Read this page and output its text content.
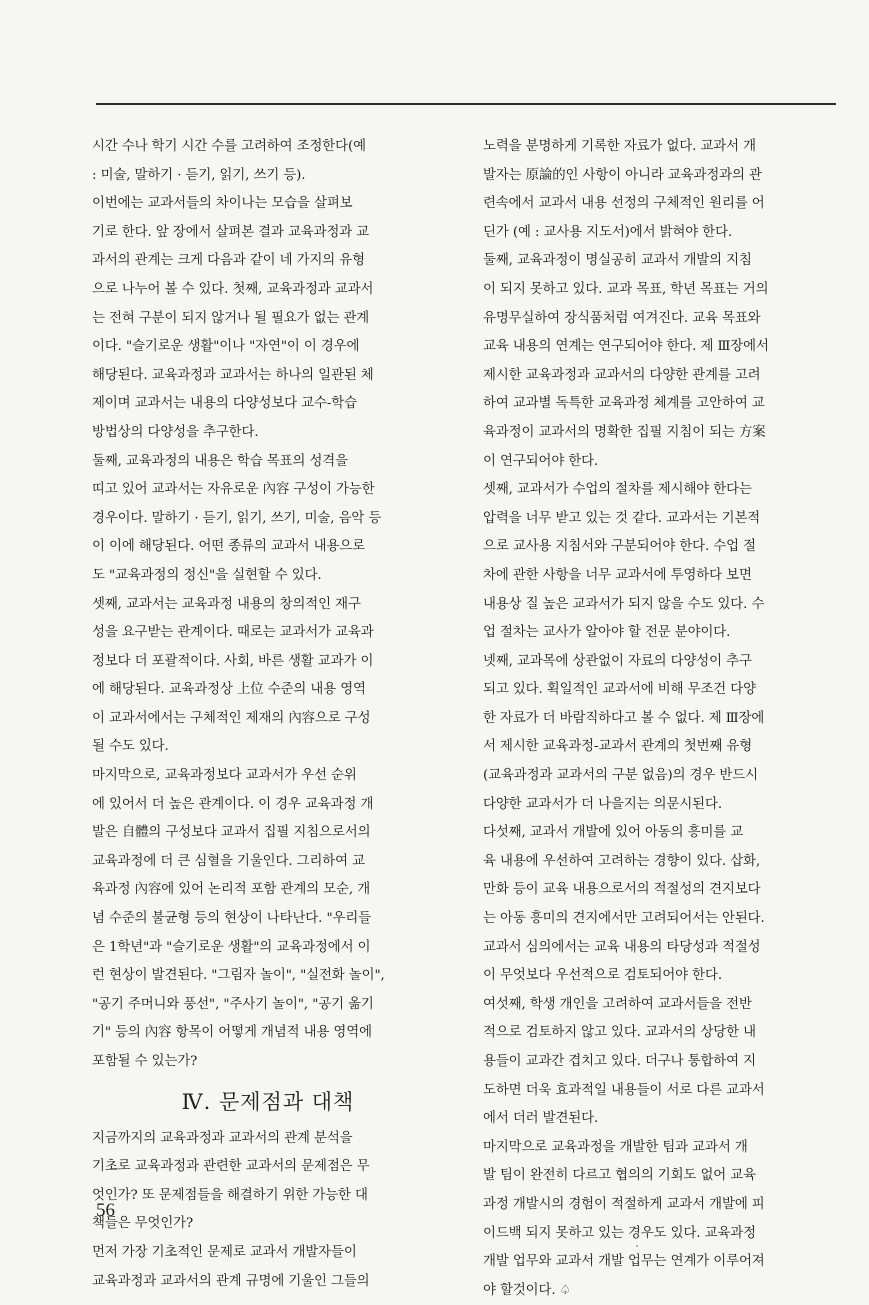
시간 수나 학기 시간 수를 고려하여 조정한다(예
: 미술, 말하기 · 듣기, 읽기, 쓰기 등).

이번에는 교과서들의 차이나는 모습을 살펴보
기로 한다. 앞 장에서 살펴본 결과 교육과정과 교
과서의 관계는 크게 다음과 같이 네 가지의 유형
으로 나누어 볼 수 있다. 첫째, 교육과정과 교과서
는 전혀 구분이 되지 않거나 될 필요가 없는 관계
이다. "슬기로운 생활"이나 "자연"이 이 경우에
해당된다. 교육과정과 교과서는 하나의 일관된 체
제이며 교과서는 내용의 다양성보다 교수-학습
방법상의 다양성을 추구한다.

둘째, 교육과정의 내용은 학습 목표의 성격을
띠고 있어 교과서는 자유로운 內容 구성이 가능한
경우이다. 말하기 · 듣기, 읽기, 쓰기, 미술, 음악 등
이 이에 해당된다. 어떤 종류의 교과서 내용으로
도 "교육과정의 정신"을 실현할 수 있다.

셋째, 교과서는 교육과정 내용의 창의적인 재구
성을 요구받는 관계이다. 때로는 교과서가 교육과
정보다 더 포괄적이다. 사회, 바른 생활 교과가 이
에 해당된다. 교육과정상 上位 수준의 내용 영역
이 교과서에서는 구체적인 제재의 內容으로 구성
될 수도 있다.

마지막으로, 교육과정보다 교과서가 우선 순위
에 있어서 더 높은 관계이다. 이 경우 교육과정 개
발은 自體의 구성보다 교과서 집필 지침으로서의
교육과정에 더 큰 심혈을 기울인다. 그리하여 교
육과정 內容에 있어 논리적 포함 관계의 모순, 개
념 수준의 불균형 등의 현상이 나타난다. "우리들
은 1학년"과 "슬기로운 생활"의 교육과정에서 이
런 현상이 발견된다. "그림자 놀이", "실전화 놀이",
"공기 주머니와 풍선", "주사기 놀이", "공기 옮기
기" 등의 內容 항목이 어떻게 개념적 내용 영역에
포함될 수 있는가?

Ⅳ. 문제점과 대책

지금까지의 교육과정과 교과서의 관계 분석을
기초로 교육과정과 관련한 교과서의 문제점은 무
엇인가? 또 문제점들을 해결하기 위한 가능한 대
책들은 무엇인가?

먼저 가장 기초적인 문제로 교과서 개발자들이
교육과정과 교과서의 관계 규명에 기울인 그들의

노력을 분명하게 기록한 자료가 없다. 교과서 개
발자는 原論的인 사항이 아니라 교육과정과의 관
련속에서 교과서 내용 선정의 구체적인 원리를 어
딘가 (예 : 교사용 지도서)에서 밝혀야 한다.

둘째, 교육과정이 명실공히 교과서 개발의 지침
이 되지 못하고 있다. 교과 목표, 학년 목표는 거의
유명무실하여 장식품처럼 여겨진다. 교육 목표와
교육 내용의 연계는 연구되어야 한다. 제 Ⅲ장에서
제시한 교육과정과 교과서의 다양한 관계를 고려
하여 교과별 독특한 교육과정 체계를 고안하여 교
육과정이 교과서의 명확한 집필 지침이 되는 方案
이 연구되어야 한다.

셋째, 교과서가 수업의 절차를 제시해야 한다는
압력을 너무 받고 있는 것 같다. 교과서는 기본적
으로 교사용 지침서와 구분되어야 한다. 수업 절
차에 관한 사항을 너무 교과서에 투영하다 보면
내용상 질 높은 교과서가 되지 않을 수도 있다. 수
업 절차는 교사가 알아야 할 전문 분야이다.

넷째, 교과목에 상관없이 자료의 다양성이 추구
되고 있다. 획일적인 교과서에 비해 무조건 다양
한 자료가 더 바람직하다고 볼 수 없다. 제 Ⅲ장에
서 제시한 교육과정-교과서 관계의 첫번째 유형
(교육과정과 교과서의 구분 없음)의 경우 반드시
다양한 교과서가 더 나을지는 의문시된다.

다섯째, 교과서 개발에 있어 아동의 흥미를 교
육 내용에 우선하여 고려하는 경향이 있다. 삽화,
만화 등이 교육 내용으로서의 적절성의 견지보다
는 아동 흥미의 견지에서만 고려되어서는 안된다.
교과서 심의에서는 교육 내용의 타당성과 적절성
이 무엇보다 우선적으로 검토되어야 한다.

여섯째, 학생 개인을 고려하여 교과서들을 전반
적으로 검토하지 않고 있다. 교과서의 상당한 내
용들이 교과간 겹치고 있다. 더구나 통합하여 지
도하면 더욱 효과적일 내용들이 서로 다른 교과서
에서 더러 발견된다.

마지막으로 교육과정을 개발한 팀과 교과서 개
발 팀이 완전히 다르고 협의의 기회도 없어 교육
과정 개발시의 경험이 적절하게 교과서 개발에 피
이드백 되지 못하고 있는 경우도 있다. 교육과정
개발 업무와 교과서 개발 업무는 연계가 이루어져
야 할것이다. ♤

56
